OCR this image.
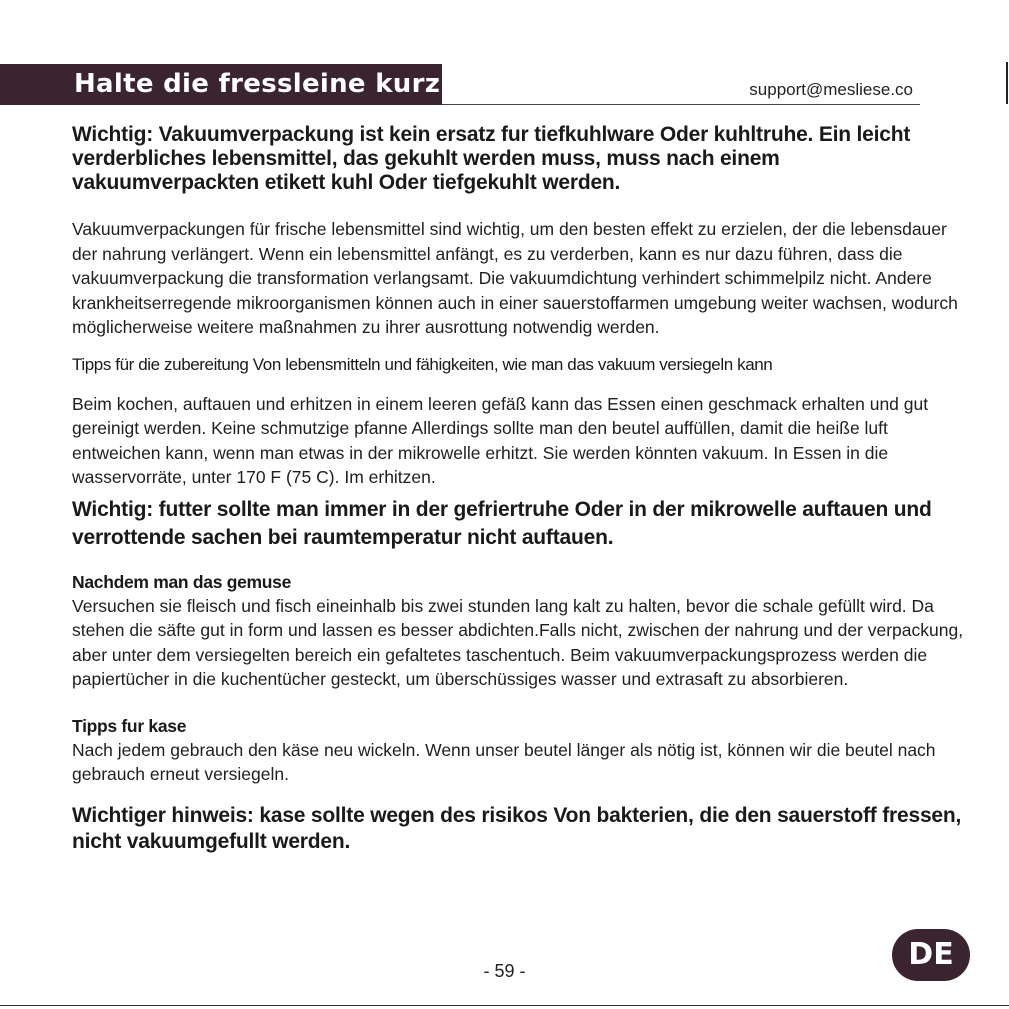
Halte die fressleine kurz	support@mesliese.co

Wichtig: Vakuumverpackung ist kein ersatz fur tiefkuhlware Oder kuhltruhe. Ein leicht verderbliches lebensmittel, das gekuhlt werden muss, muss nach einem vakuumverpackten etikett kuhl Oder tiefgekuhlt werden.

Vakuumverpackungen für frische lebensmittel sind wichtig, um den besten effekt zu erzielen, der die lebensdauer der nahrung verlängert. Wenn ein lebensmittel anfängt, es zu verderben, kann es nur dazu führen, dass die vakuumverpackung die transformation verlangsamt. Die vakuumdichtung verhindert schimmelpilz nicht. Andere krankheitserregende mikroorganismen können auch in einer sauerstoffarmen umgebung weiter wachsen, wodurch möglicherweise weitere maßnahmen zu ihrer ausrottung notwendig werden.

Tipps für die zubereitung Von lebensmitteln und fähigkeiten, wie man das vakuum versiegeln kann

Beim kochen, auftauen und erhitzen in einem leeren gefäß kann das Essen einen geschmack erhalten und gut gereinigt werden. Keine schmutzige pfanne Allerdings sollte man den beutel auffüllen, damit die heiße luft entweichen kann, wenn man etwas in der mikrowelle erhitzt. Sie werden könnten vakuum. In Essen in die wasservorräte, unter 170 F (75 C). Im erhitzen.

Wichtig: futter sollte man immer in der gefriertruhe Oder in der mikrowelle auftauen und verrottende sachen bei raumtemperatur nicht auftauen.

Nachdem man das gemuse

Versuchen sie fleisch und fisch eineinhalb bis zwei stunden lang kalt zu halten, bevor die schale gefüllt wird. Da stehen die säfte gut in form und lassen es besser abdichten.Falls nicht, zwischen der nahrung und der verpackung, aber unter dem versiegelten bereich ein gefaltetes taschentuch. Beim vakuumverpackungsprozess werden die papiertücher in die kuchentücher gesteckt, um überschüssiges wasser und extrasaft zu absorbieren.

Tipps fur kase

Nach jedem gebrauch den käse neu wickeln. Wenn unser beutel länger als nötig ist, können wir die beutel nach gebrauch erneut versiegeln.

Wichtiger hinweis: kase sollte wegen des risikos Von bakterien, die den sauerstoff fressen, nicht vakuumgefullt werden.

- 59 -	DE
